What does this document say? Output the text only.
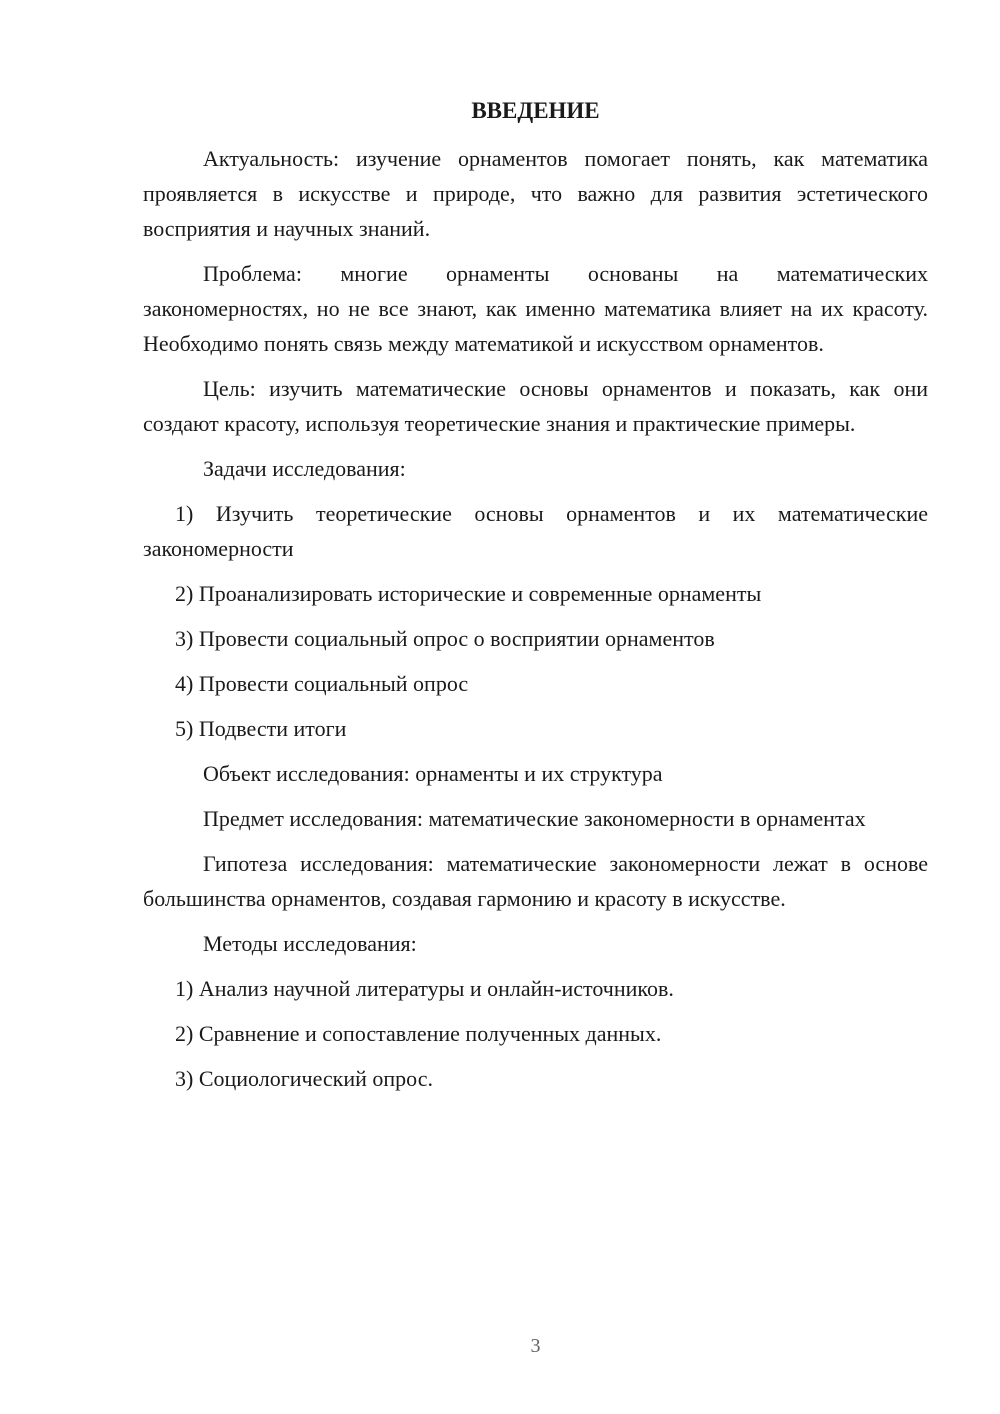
ВВЕДЕНИЕ

Актуальность: изучение орнаментов помогает понять, как математика проявляется в искусстве и природе, что важно для развития эстетического восприятия и научных знаний.

Проблема: многие орнаменты основаны на математических закономерностях, но не все знают, как именно математика влияет на их красоту. Необходимо понять связь между математикой и искусством орнаментов.

Цель: изучить математические основы орнаментов и показать, как они создают красоту, используя теоретические знания и практические примеры.

Задачи исследования:

1) Изучить теоретические основы орнаментов и их математические закономерности

2) Проанализировать исторические и современные орнаменты

3) Провести социальный опрос о восприятии орнаментов

4) Провести социальный опрос

5) Подвести итоги

Объект исследования: орнаменты и их структура

Предмет исследования: математические закономерности в орнаментах

Гипотеза исследования: математические закономерности лежат в основе большинства орнаментов, создавая гармонию и красоту в искусстве.

Методы исследования:

1) Анализ научной литературы и онлайн-источников.

2) Сравнение и сопоставление полученных данных.

3) Социологический опрос.

3
